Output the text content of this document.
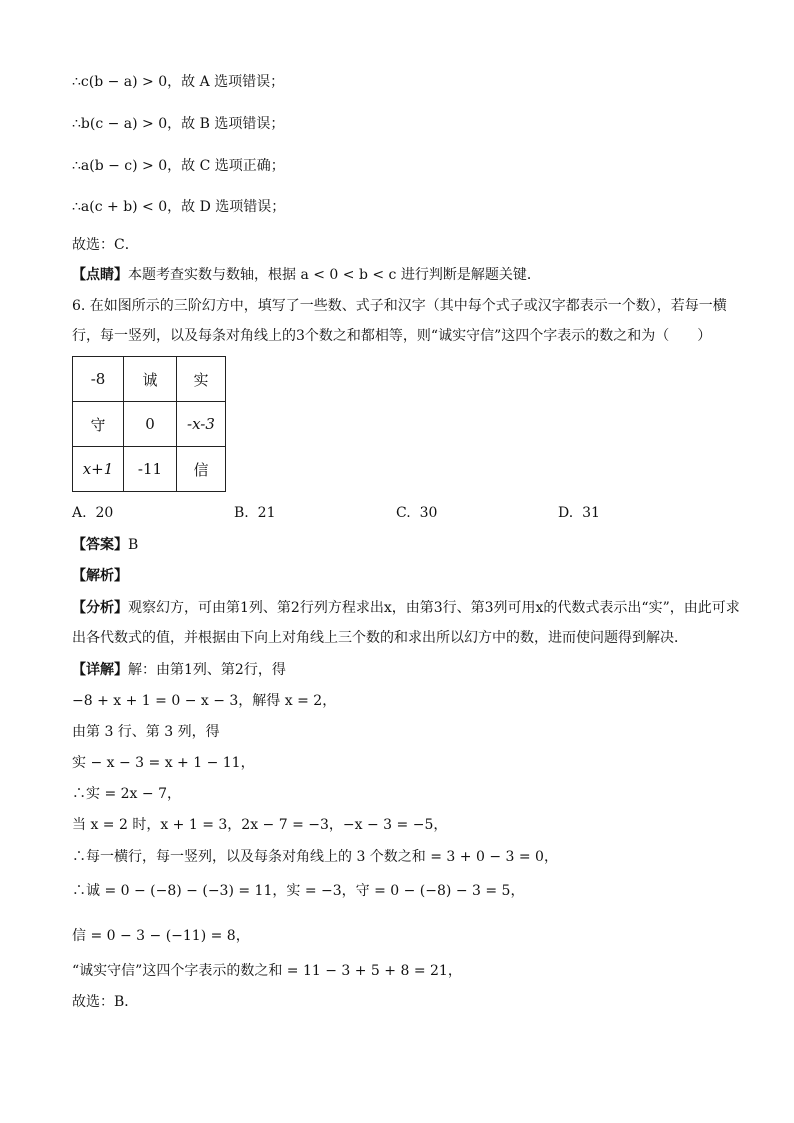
∴c(b − a) > 0，故 A 选项错误；
∴b(c − a) > 0，故 B 选项错误；
∴a(b − c) > 0，故 C 选项正确；
∴a(c + b) < 0，故 D 选项错误；
故选：C．
【点睛】本题考查实数与数轴，根据 a < 0 < b < c 进行判断是解题关键．
6. 在如图所示的三阶幻方中，填写了一些数、式子和汉字（其中每个式子或汉字都表示一个数），若每一横行，每一竖列，以及每条对角线上的3个数之和都相等，则“诚实守信”这四个字表示的数之和为（　　）
-8	诚	实
守	0	-x-3
x+1	-11	信
A. 20	B. 21	C. 30	D. 31
【答案】B
【解析】
【分析】观察幻方，可由第1列、第2行列方程求出x，由第3行、第3列可用x的代数式表示出“实”，由此可求出各代数式的值，并根据由下向上对角线上三个数的和求出所以幻方中的数，进而使问题得到解决．
【详解】解：由第1列、第2行，得
−8 + x + 1 = 0 − x − 3，解得 x = 2，
由第 3 行、第 3 列，得
实 − x − 3 = x + 1 − 11，
∴实 = 2x − 7，
当 x = 2 时，x + 1 = 3，2x − 7 = −3，−x − 3 = −5，
∴每一横行，每一竖列，以及每条对角线上的 3 个数之和 = 3 + 0 − 3 = 0，
∴诚 = 0 − (−8) − (−3) = 11，实 = −3，守 = 0 − (−8) − 3 = 5，
信 = 0 − 3 − (−11) = 8，
“诚实守信”这四个字表示的数之和 = 11 − 3 + 5 + 8 = 21，
故选：B．
